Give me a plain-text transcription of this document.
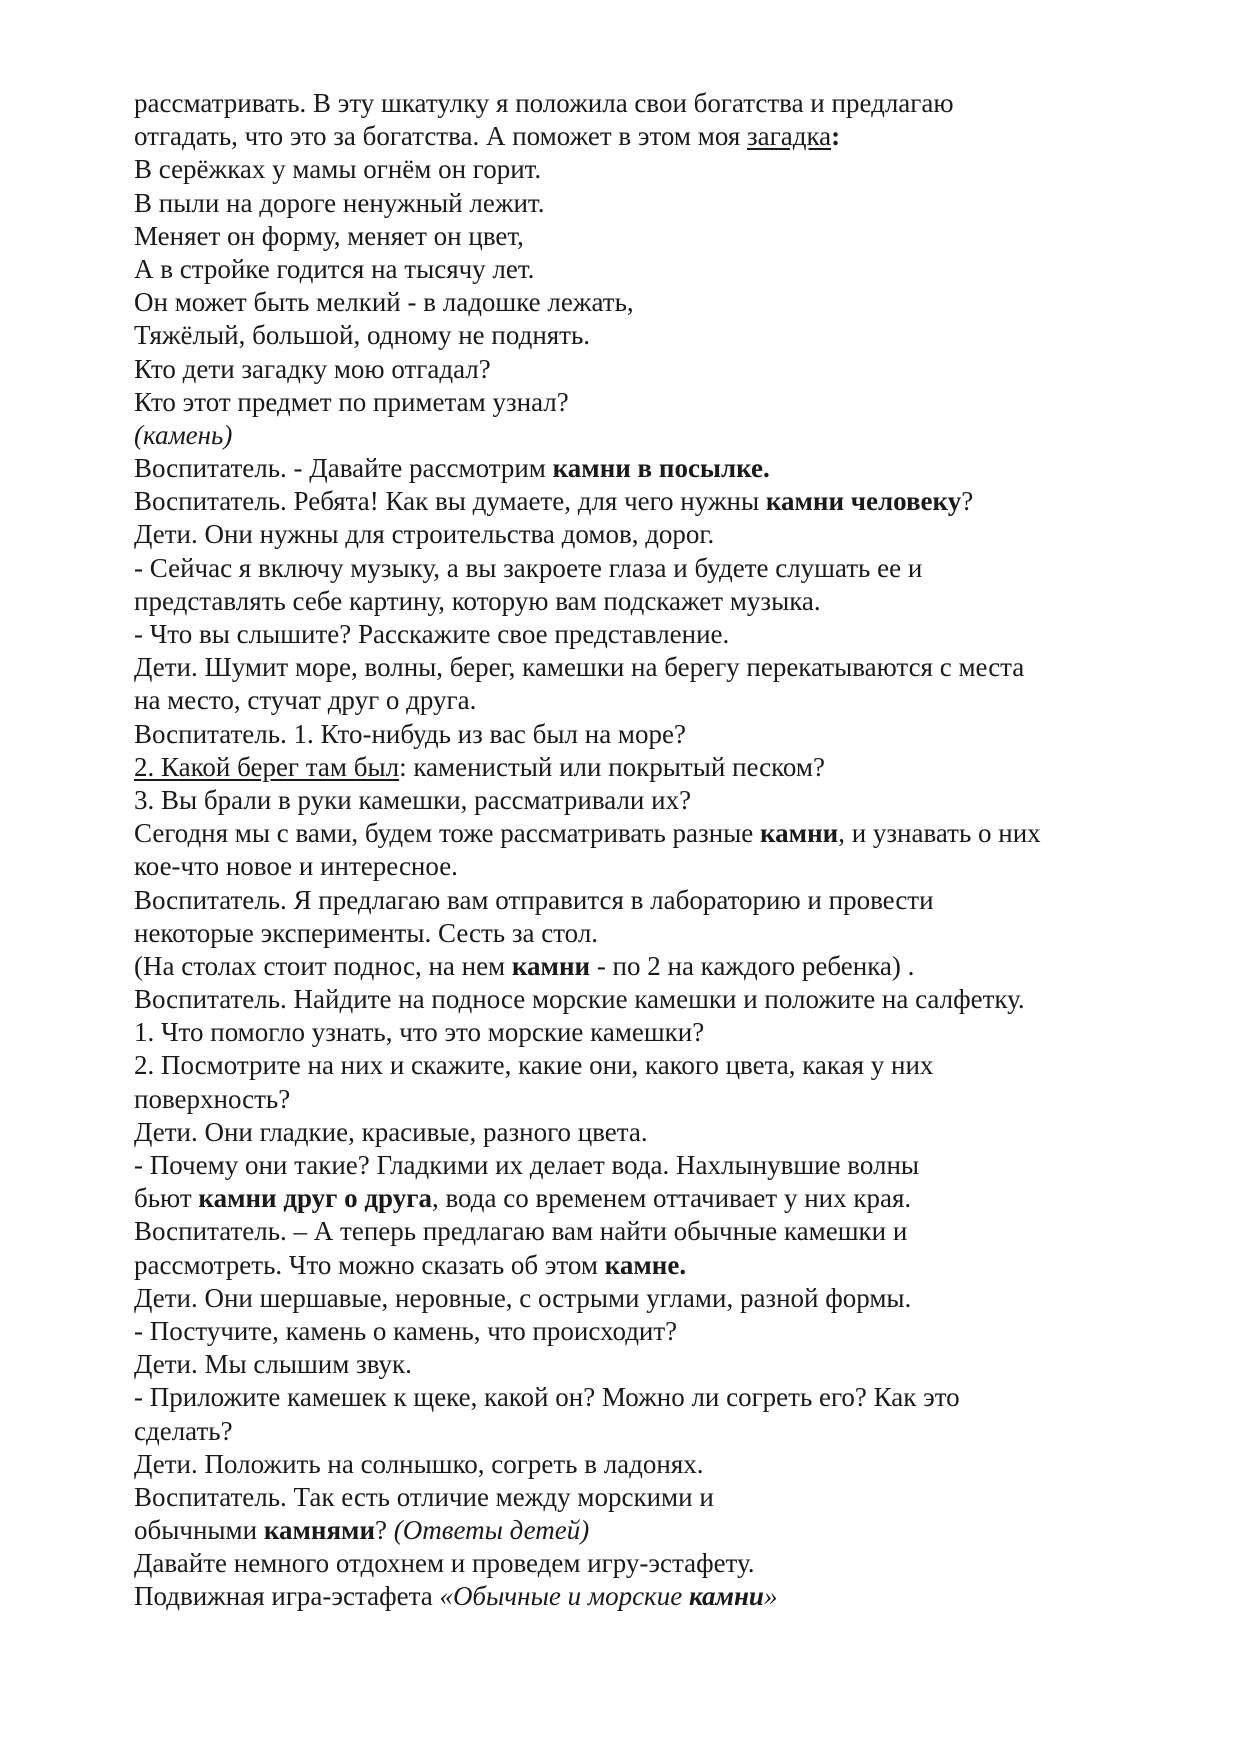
рассматривать. В эту шкатулку я положила свои богатства и предлагаю
отгадать, что это за богатства. А поможет в этом моя загадка:
В серёжках у мамы огнём он горит.
В пыли на дороге ненужный лежит.
Меняет он форму, меняет он цвет,
А в стройке годится на тысячу лет.
Он может быть мелкий - в ладошке лежать,
Тяжёлый, большой, одному не поднять.
Кто дети загадку мою отгадал?
Кто этот предмет по приметам узнал?
(камень)
Воспитатель. - Давайте рассмотрим камни в посылке.
Воспитатель. Ребята! Как вы думаете, для чего нужны камни человеку?
Дети. Они нужны для строительства домов, дорог.
- Сейчас я включу музыку, а вы закроете глаза и будете слушать ее и
представлять себе картину, которую вам подскажет музыка.
- Что вы слышите? Расскажите свое представление.
Дети. Шумит море, волны, берег, камешки на берегу перекатываются с места
на место, стучат друг о друга.
Воспитатель. 1. Кто-нибудь из вас был на море?
2. Какой берег там был: каменистый или покрытый песком?
3. Вы брали в руки камешки, рассматривали их?
Сегодня мы с вами, будем тоже рассматривать разные камни, и узнавать о них
кое-что новое и интересное.
Воспитатель. Я предлагаю вам отправится в лабораторию и провести
некоторые эксперименты. Сесть за стол.
(На столах стоит поднос, на нем камни - по 2 на каждого ребенка) .
Воспитатель. Найдите на подносе морские камешки и положите на салфетку.
1. Что помогло узнать, что это морские камешки?
2. Посмотрите на них и скажите, какие они, какого цвета, какая у них
поверхность?
Дети. Они гладкие, красивые, разного цвета.
- Почему они такие? Гладкими их делает вода. Нахлынувшие волны
бьют камни друг о друга, вода со временем оттачивает у них края.
Воспитатель. – А теперь предлагаю вам найти обычные камешки и
рассмотреть. Что можно сказать об этом камне.
Дети. Они шершавые, неровные, с острыми углами, разной формы.
- Постучите, камень о камень, что происходит?
Дети. Мы слышим звук.
- Приложите камешек к щеке, какой он? Можно ли согреть его? Как это
сделать?
Дети. Положить на солнышко, согреть в ладонях.
Воспитатель. Так есть отличие между морскими и
обычными камнями? (Ответы детей)
Давайте немного отдохнем и проведем игру-эстафету.
Подвижная игра-эстафета «Обычные и морские камни»
